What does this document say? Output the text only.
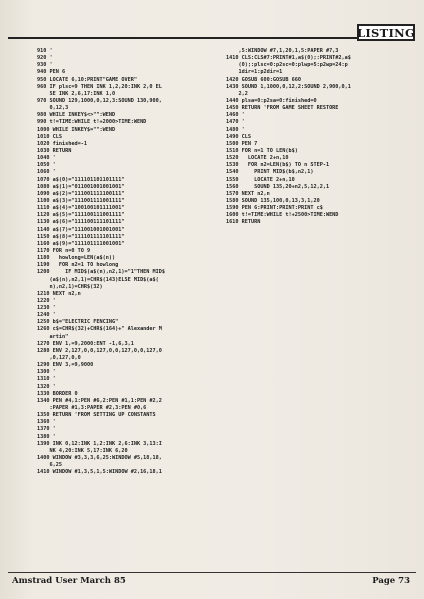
LISTING
910 '
920 '
930 '
940 PEN 6
950 LOCATE 6,10:PRINT"GAME OVER"
960 IF plsc=9 THEN INK 1,2,20:INK 2,0 EL
SE INK 2,6,17:INK 1,0
970 SOUND 129,1000,0,12,3:SOUND 130,900,
0,12,3
980 WHILE INKEY$<>"":WEND
990 t!=TIME:WHILE t!+2000>TIME:WEND
1000 WHILE INKEY$="":WEND
1010 CLS
1020 finished=-1
1030 RETURN
1040 '
1050 '
1060 '
1070 a$(0)="111101101101111"
1080 a$(1)="011001001001001"
1090 a$(2)="111001111100111"
1100 a$(3)="111001111001111"
1110 a$(4)="100100101111001"
1120 a$(5)="111100111001111"
1130 a$(6)="111100111101111"
1140 a$(7)="111001001001001"
1150 a$(8)="111101111101111"
1160 a$(9)="111101111001001"
1170 FOR n=0 TO 9
1180   howlong=LEN(a$(n))
1190   FOR n2=1 TO howlong
1200     IF MID$(a$(n),n2,1)="1"THEN MID$
(a$(n),n2,1)=CHR$(143)ELSE MID$(a$(
n),n2,1)=CHR$(32)
1210 NEXT n2,n
1220 '
1230 '
1240 '
1250 b$="ELECTRIC FENCING"
1260 c$=CHR$(32)+CHR$(164)+" Alexander M
artin"
1270 ENV 1,=9,2000:ENT -1,6,3,1
1280 ENV 2,127,0,0,127,0,0,127,0,0,127,0
,0,127,0,0
1290 ENV 3,=9,9000
1300 '
1310 '
1320 '
1330 BORDER 0
1340 PEN #4,1:PEN #6,2:PEN #1,1:PEN #2,2
:PAPER #1,3:PAPER #2,3:PEN #0,6
1350 RETURN 'FROM SETTING UP CONSTANTS
1360 '
1370 '
1380 '
1390 INK 0,12:INK 1,2:INK 2,6:INK 3,13:I
NK 4,20:INK 5,17:INK 6,20
1400 WINDOW #3,3,3,6,25:WINDOW #5,18,18,
6,25
1410 WINDOW #1,3,5,1,5:WINDOW #2,16,18,1
,5:WINDOW #7,1,20,1,5:PAPER #7,3
1410 CLS:CLS#7:PRINT#1,a$(0);:PRINT#2,a$
(0);:plsc=0:p2sc=0:plwp=5:p2wp=24:p
1dir=1:p2dir=1
1420 GOSUB 600:GOSUB 660
1430 SOUND 1,1000,0,12,2:SOUND 2,900,0,1
2,2
1440 plsa=0:p2sa=0:finished=0
1450 RETURN 'FROM GAME SHEET RESTORE
1460 '
1470 '
1480 '
1490 CLS
1500 PEN 7
1510 FOR n=1 TO LEN(b$)
1520   LOCATE 2+n,10
1530   FOR n2=LEN(b$) TO n STEP-1
1540     PRINT MID$(b$,n2,1)
1550     LOCATE 2+n,10
1560     SOUND 135,20+n2,5,12,2,1
1570 NEXT n2,n
1580 SOUND 135,100,0,13,3,1,20
1590 PEN 6:PRINT:PRINT:PRINT c$
1600 t!=TIME:WHILE t!+2500>TIME:WEND
1610 RETURN
Amstrad User March 85	Page 73
